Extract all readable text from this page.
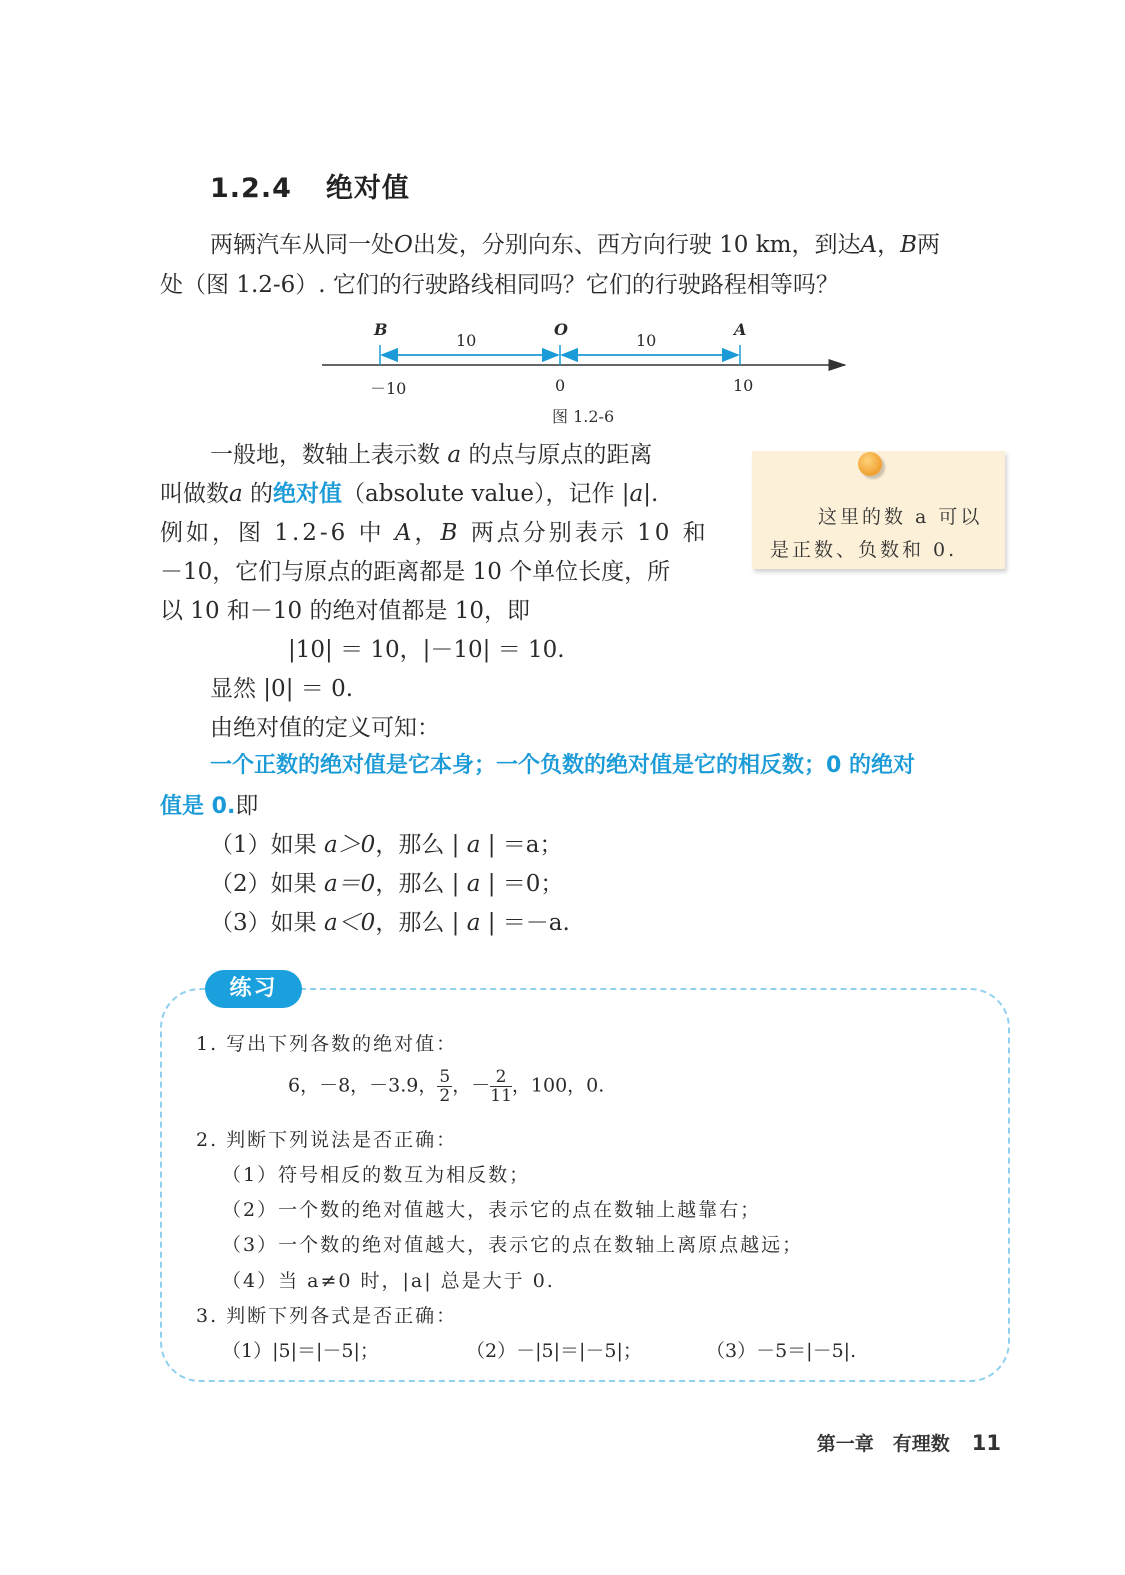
1.2.4 绝对值
两辆汽车从同一处O出发，分别向东、西方向行驶 10 km，到达A，B两
处（图 1.2-6）. 它们的行驶路线相同吗？它们的行驶路程相等吗？
B	O	A
10	10
－10	0	10
图 1.2-6
一般地，数轴上表示数 a 的点与原点的距离
叫做数a 的绝对值（absolute value），记作 |a|.
例如，图 1.2-6 中 A，B 两点分别表示 10 和
－10，它们与原点的距离都是 10 个单位长度，所
以 10 和－10 的绝对值都是 10，即
|10| ＝ 10，|－10| ＝ 10.
显然 |0| ＝ 0.
由绝对值的定义可知：
一个正数的绝对值是它本身；一个负数的绝对值是它的相反数；0 的绝对
值是 0.即
（1）如果 a＞0，那么 | a | ＝a；
（2）如果 a＝0，那么 | a | ＝0；
（3）如果 a＜0，那么 | a | ＝－a.
这里的数 a 可以
是正数、负数和 0.
练习
1. 写出下列各数的绝对值：
6，－8，－3.9， $\frac{5}{2}$ ，－ $\frac{2}{11}$ ，100，0.
2. 判断下列说法是否正确：
（1）符号相反的数互为相反数；
（2）一个数的绝对值越大，表示它的点在数轴上越靠右；
（3）一个数的绝对值越大，表示它的点在数轴上离原点越远；
（4）当 a≠0 时，|a| 总是大于 0.
3. 判断下列各式是否正确：
（1）|5|＝|－5|；	（2）－|5|＝|－5|；	（3）－5＝|－5|.
第一章　有理数 11
